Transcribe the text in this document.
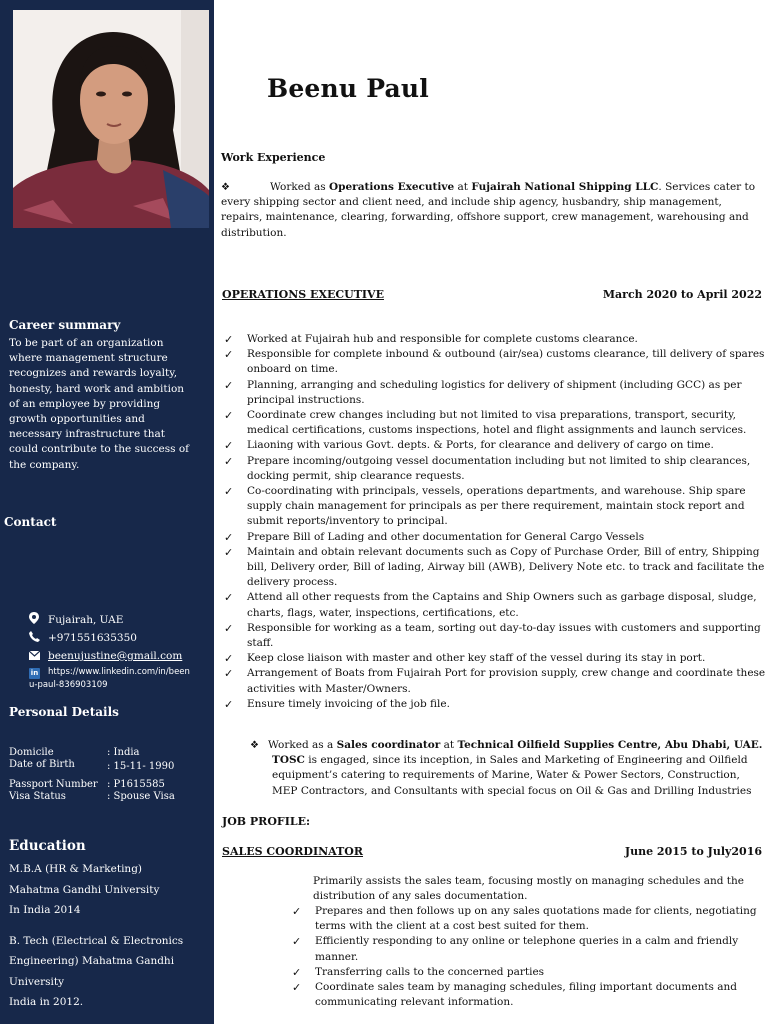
Career summary
To be part of an organization where management structure recognizes and rewards loyalty, honesty, hard work and ambition of an employee by providing growth opportunities and necessary infrastructure that could contribute to the success of the company.
Contact
Fujairah, UAE
+971551635350
beenujustine@gmail.com
in https://www.linkedin.com/in/been
u-paul-836903109
Personal Details
Domicile	: India
Date of Birth	: 15-11- 1990
Passport Number : P1615585
Visa Status	: Spouse Visa
Education
M.B.A (HR & Marketing)
Mahatma Gandhi University
In India 2014
B. Tech (Electrical & Electronics
Engineering) Mahatma Gandhi
University
India in 2012.
Beenu Paul
Work Experience
❖	Worked as Operations Executive at Fujairah National Shipping LLC. Services cater to every shipping sector and client need, and include ship agency, husbandry, ship management, repairs, maintenance, clearing, forwarding, offshore support, crew management, warehousing and distribution.
OPERATIONS EXECUTIVE	March 2020 to April 2022
✓ Worked at Fujairah hub and responsible for complete customs clearance.
✓ Responsible for complete inbound & outbound (air/sea) customs clearance, till delivery of spares onboard on time.
✓ Planning, arranging and scheduling logistics for delivery of shipment (including GCC) as per principal instructions.
✓ Coordinate crew changes including but not limited to visa preparations, transport, security, medical certifications, customs inspections, hotel and flight assignments and launch services.
✓ Liaoning with various Govt. depts. & Ports, for clearance and delivery of cargo on time.
✓ Prepare incoming/outgoing vessel documentation including but not limited to ship clearances, docking permit, ship clearance requests.
✓ Co-coordinating with principals, vessels, operations departments, and warehouse. Ship spare supply chain management for principals as per there requirement, maintain stock report and submit reports/inventory to principal.
✓ Prepare Bill of Lading and other documentation for General Cargo Vessels
✓ Maintain and obtain relevant documents such as Copy of Purchase Order, Bill of entry, Shipping bill, Delivery order, Bill of lading, Airway bill (AWB), Delivery Note etc. to track and facilitate the delivery process.
✓ Attend all other requests from the Captains and Ship Owners such as garbage disposal, sludge, charts, flags, water, inspections, certifications, etc.
✓ Responsible for working as a team, sorting out day-to-day issues with customers and supporting staff.
✓ Keep close liaison with master and other key staff of the vessel during its stay in port.
✓ Arrangement of Boats from Fujairah Port for provision supply, crew change and coordinate these activities with Master/Owners.
✓ Ensure timely invoicing of the job file.
❖ Worked as a Sales coordinator at Technical Oilfield Supplies Centre, Abu Dhabi, UAE.
TOSC is engaged, since its inception, in Sales and Marketing of Engineering and Oilfield equipment’s catering to requirements of Marine, Water & Power Sectors, Construction, MEP Contractors, and Consultants with special focus on Oil & Gas and Drilling Industries
JOB PROFILE:
SALES COORDINATOR	June 2015 to July2016
Primarily assists the sales team, focusing mostly on managing schedules and the distribution of any sales documentation.
✓ Prepares and then follows up on any sales quotations made for clients, negotiating terms with the client at a cost best suited for them.
✓ Efficiently responding to any online or telephone queries in a calm and friendly manner.
✓ Transferring calls to the concerned parties
✓ Coordinate sales team by managing schedules, filing important documents and communicating relevant information.
